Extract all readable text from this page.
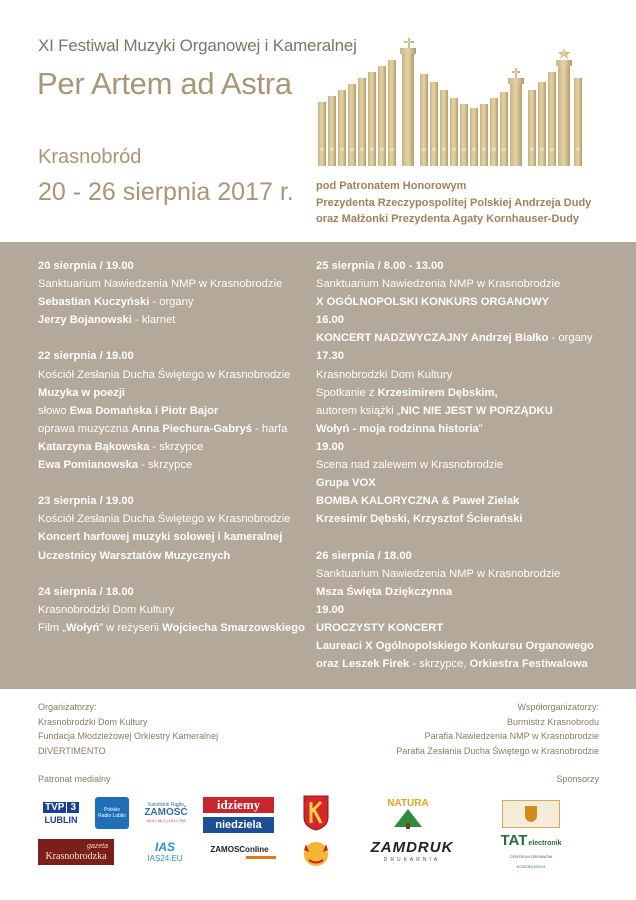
XI Festiwal Muzyki Organowej i Kameralnej
Per Artem ad Astra
Krasnobród
20 - 26 sierpnia 2017 r. pod Patronatem Honorowym
Prezydenta Rzeczypospolitej Polskiej Andrzeja Dudy
oraz Małżonki Prezydenta Agaty Kornhauser-Dudy
20 sierpnia / 19.00
Sanktuarium Nawiedzenia NMP w Krasnobrodzie
Sebastian Kuczyński - organy
Jerzy Bojanowski - klarnet
22 sierpnia / 19.00
Kościół Zesłania Ducha Świętego w Krasnobrodzie
Muzyka w poezji
słowo Ewa Domańska i Piotr Bajor
oprawa muzyczna Anna Piechura-Gabryś - harfa
Katarzyna Bąkowska - skrzypce
Ewa Pomianowska - skrzypce
23 sierpnia / 19.00
Kościół Zesłania Ducha Świętego w Krasnobrodzie
Koncert harfowej muzyki solowej i kameralnej
Uczestnicy Warsztatów Muzycznych
24 sierpnia / 18.00
Krasnobrodzki Dom Kultury
Film „Wołyń” w reżyserii Wojciecha Smarzowskiego
25 sierpnia / 8.00 - 13.00
Sanktuarium Nawiedzenia NMP w Krasnobrodzie
X OGÓLNOPOLSKI KONKURS ORGANOWY
16.00
KONCERT NADZWYCZAJNY Andrzej Białko - organy
17.30
Krasnobrodzki Dom Kultury
Spotkanie z Krzesimirem Dębskim,
autorem książki „NIC NIE JEST W PORZĄDKU
Wołyń - moja rodzinna historia”
19.00
Scena nad zalewem w Krasnobrodzie
Grupa VOX
BOMBA KALORYCZNA & Paweł Zielak
Krzesimir Dębski, Krzysztof Ścierański
26 sierpnia / 18.00
Sanktuarium Nawiedzenia NMP w Krasnobrodzie
Msza Święta Dziękczynna
19.00
UROCZYSTY KONCERT
Laureaci X Ogólnopolskiego Konkursu Organowego
oraz Leszek Firek - skrzypce, Orkiestra Festiwalowa
Organizatorzy:
Krasnobrodzki Dom Kultury
Fundacja Młodzieżowej Orkiestry Kameralnej
DIVERTIMENTO
Współorganizatorzy:
Burmistrz Krasnobrodu
Parafia Nawiedzenia NMP w Krasnobrodzie
Parafia Zesłania Ducha Świętego w Krasnobrodzie
Patronat medialny	Sponsorzy
TVP 3
LUBLIN
Polskie Radio Lublin
Katolickie Radio
ZAMOŚĆ
94,4 | 96,1 | 101,2 FM
idziemy
niedziela
NATURA
gazeta
Krasnobrodzka
IAS
IAS24.EU
ZAMOSConline	ZAMDRUK
DRUKARNIA
TAT electronik
CENTRUM ORGANÓW KOŚCIELNYCH
